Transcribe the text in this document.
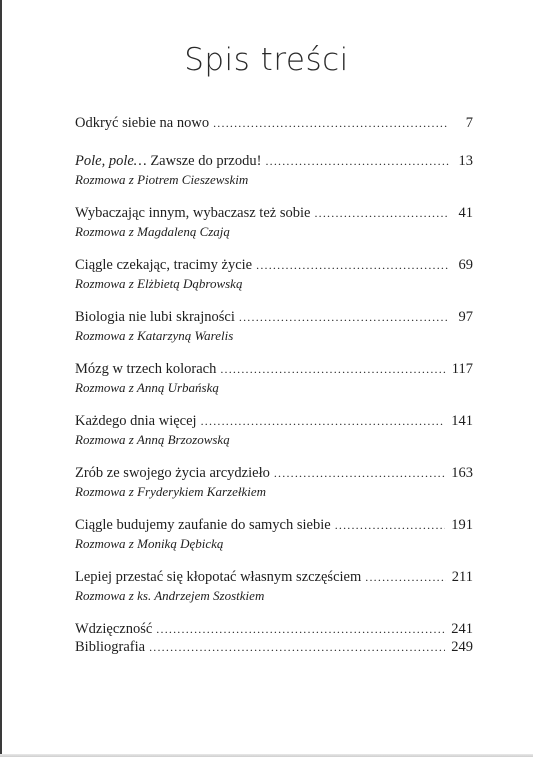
Spis treści
Odkryć siebie na nowo .....	7
Pole, pole… Zawsze do przodu! .....	13
Rozmowa z Piotrem Cieszewskim
Wybaczając innym, wybaczasz też sobie .....	41
Rozmowa z Magdaleną Czają
Ciągle czekając, tracimy życie .....	69
Rozmowa z Elżbietą Dąbrowską
Biologia nie lubi skrajności .....	97
Rozmowa z Katarzyną Warelis
Mózg w trzech kolorach .....	117
Rozmowa z Anną Urbańską
Każdego dnia więcej .....	141
Rozmowa z Anną Brzozowską
Zrób ze swojego życia arcydzieło .....	163
Rozmowa z Fryderykiem Karzełkiem
Ciągle budujemy zaufanie do samych siebie .....	191
Rozmowa z Moniką Dębicką
Lepiej przestać się kłopotać własnym szczęściem .....	211
Rozmowa z ks. Andrzejem Szostkiem
Wdzięczność .....	241
Bibliografia .....	249
